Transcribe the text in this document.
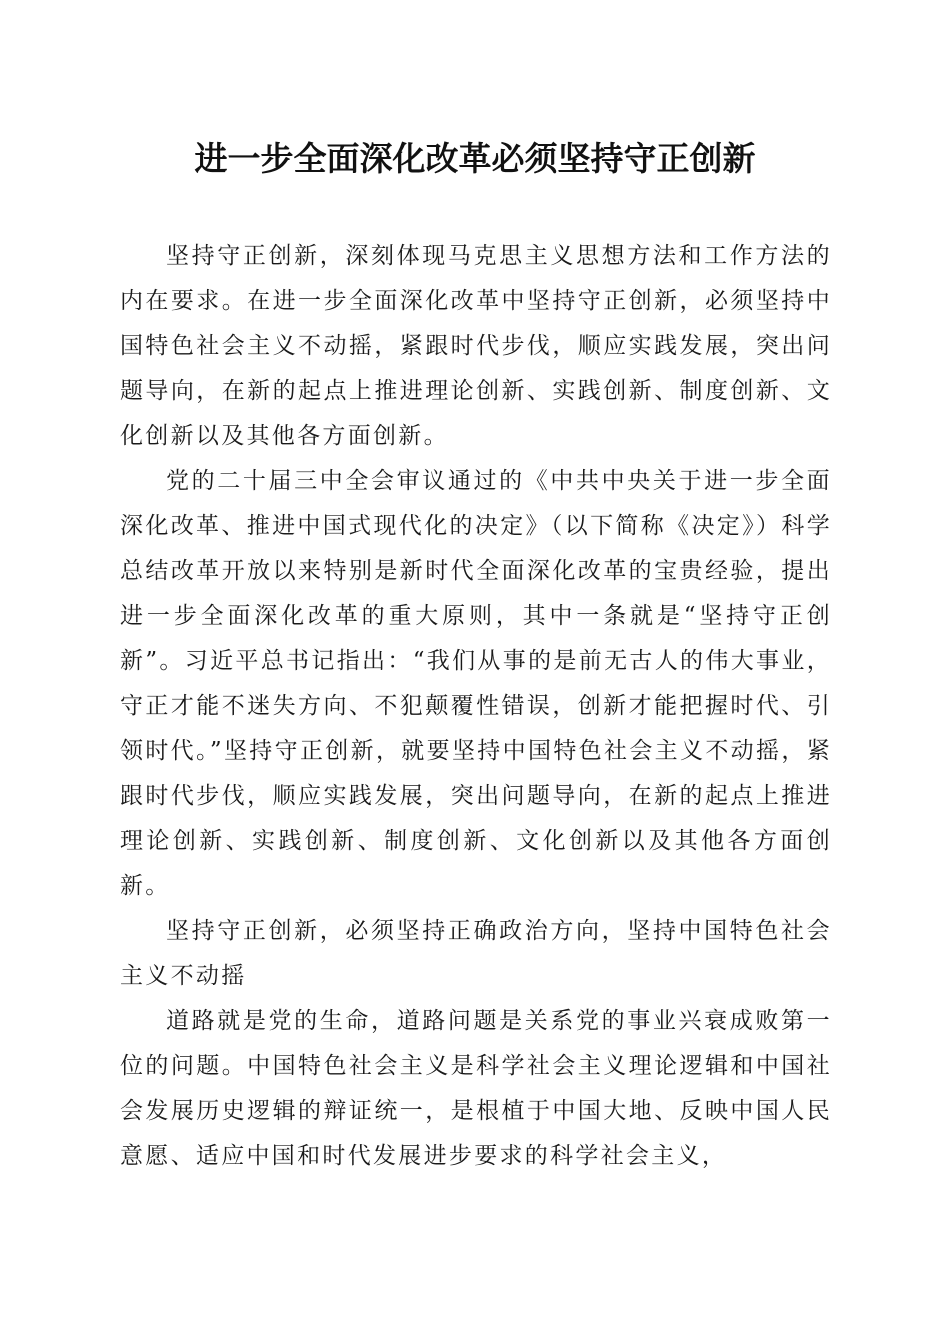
进一步全面深化改革必须坚持守正创新

坚持守正创新，深刻体现马克思主义思想方法和工作方法的内在要求。在进一步全面深化改革中坚持守正创新，必须坚持中国特色社会主义不动摇，紧跟时代步伐，顺应实践发展，突出问题导向，在新的起点上推进理论创新、实践创新、制度创新、文化创新以及其他各方面创新。

党的二十届三中全会审议通过的《中共中央关于进一步全面深化改革、推进中国式现代化的决定》（以下简称《决定》）科学总结改革开放以来特别是新时代全面深化改革的宝贵经验，提出进一步全面深化改革的重大原则，其中一条就是“坚持守正创新”。习近平总书记指出：“我们从事的是前无古人的伟大事业，守正才能不迷失方向、不犯颠覆性错误，创新才能把握时代、引领时代。”坚持守正创新，就要坚持中国特色社会主义不动摇，紧跟时代步伐，顺应实践发展，突出问题导向，在新的起点上推进理论创新、实践创新、制度创新、文化创新以及其他各方面创新。

坚持守正创新，必须坚持正确政治方向，坚持中国特色社会主义不动摇

道路就是党的生命，道路问题是关系党的事业兴衰成败第一位的问题。中国特色社会主义是科学社会主义理论逻辑和中国社会发展历史逻辑的辩证统一，是根植于中国大地、反映中国人民意愿、适应中国和时代发展进步要求的科学社会主义，
